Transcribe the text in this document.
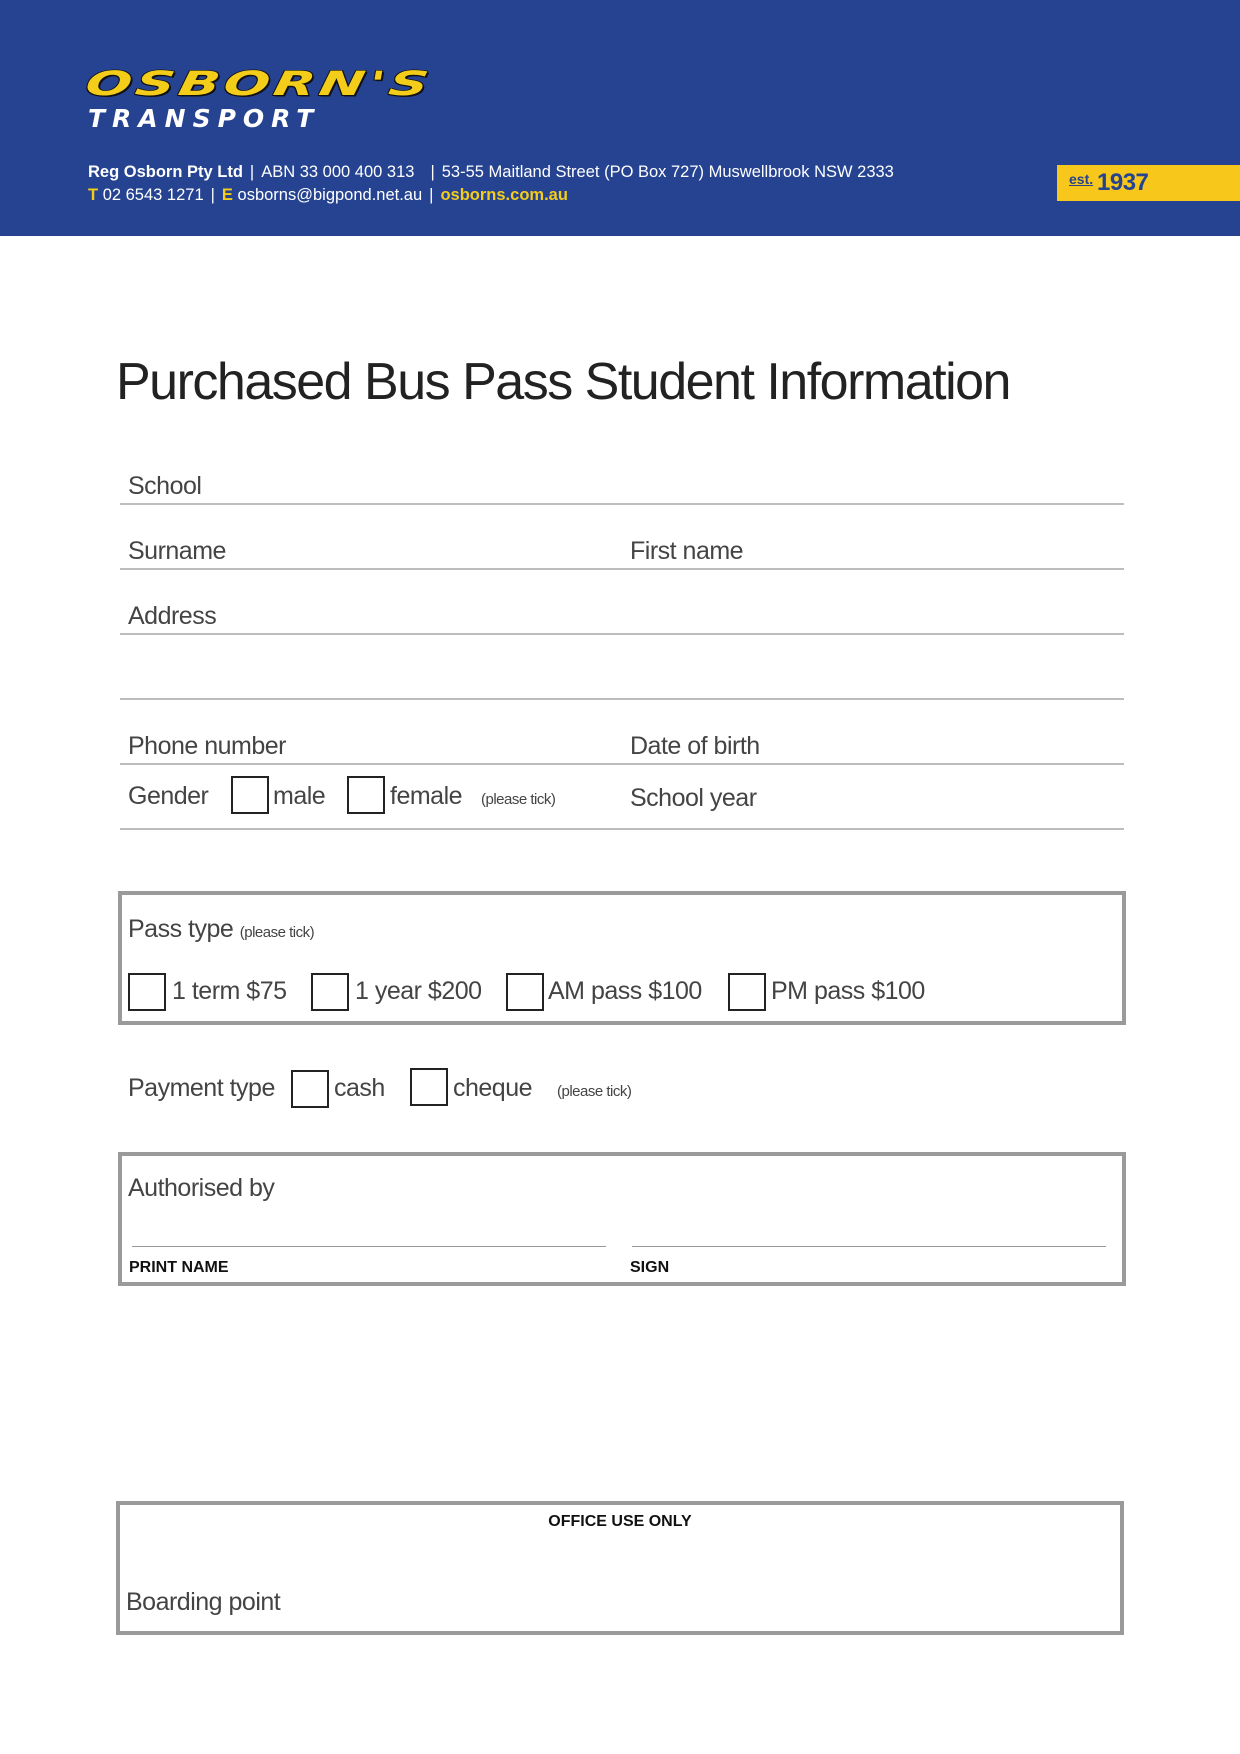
OSBORN'S
TRANSPORT
Reg Osborn Pty Ltd | ABN 33 000 400 313 | 53-55 Maitland Street (PO Box 727) Muswellbrook NSW 2333
T 02 6543 1271 | E osborns@bigpond.net.au | osborns.com.au
est. 1937
Purchased Bus Pass Student Information
School
Surname	First name
Address
Phone number	Date of birth
Gender	male	female (please tick)	School year
Pass type (please tick)
1 term $75	1 year $200	AM pass $100	PM pass $100
Payment type cash	cheque (please tick)
Authorised by
PRINT NAME	SIGN
OFFICE USE ONLY
Boarding point
